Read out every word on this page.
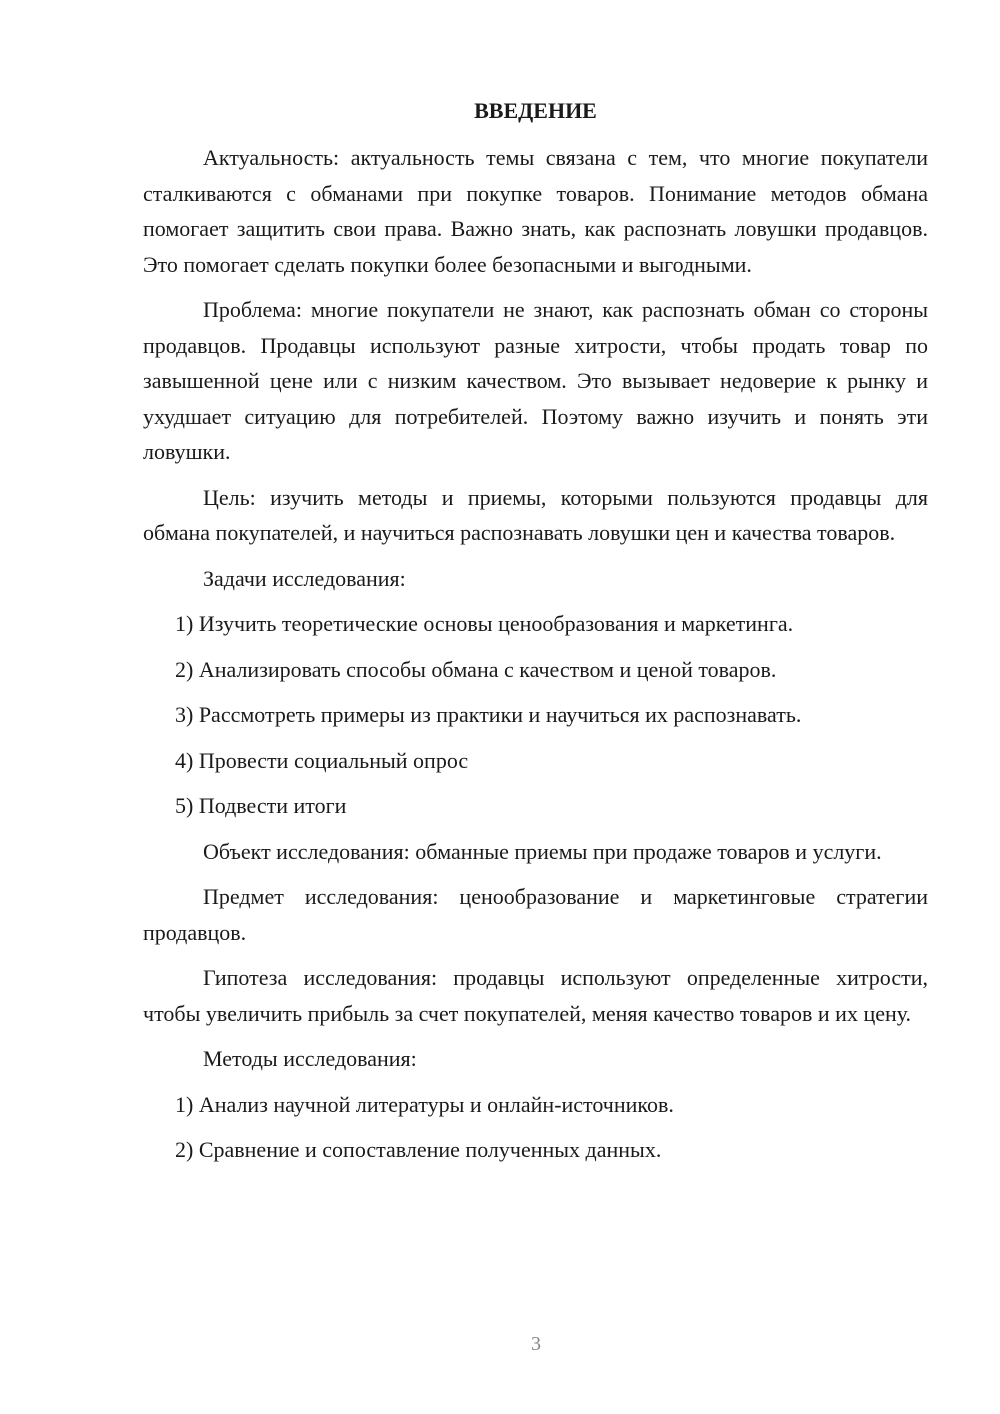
ВВЕДЕНИЕ

Актуальность: актуальность темы связана с тем, что многие покупатели сталкиваются с обманами при покупке товаров. Понимание методов обмана помогает защитить свои права. Важно знать, как распознать ловушки продавцов. Это помогает сделать покупки более безопасными и выгодными.

Проблема: многие покупатели не знают, как распознать обман со стороны продавцов. Продавцы используют разные хитрости, чтобы продать товар по завышенной цене или с низким качеством. Это вызывает недоверие к рынку и ухудшает ситуацию для потребителей. Поэтому важно изучить и понять эти ловушки.

Цель: изучить методы и приемы, которыми пользуются продавцы для обмана покупателей, и научиться распознавать ловушки цен и качества товаров.

Задачи исследования:

1) Изучить теоретические основы ценообразования и маркетинга.

2) Анализировать способы обмана с качеством и ценой товаров.

3) Рассмотреть примеры из практики и научиться их распознавать.

4) Провести социальный опрос

5) Подвести итоги

Объект исследования: обманные приемы при продаже товаров и услуги.

Предмет исследования: ценообразование и маркетинговые стратегии продавцов.

Гипотеза исследования: продавцы используют определенные хитрости, чтобы увеличить прибыль за счет покупателей, меняя качество товаров и их цену.

Методы исследования:

1) Анализ научной литературы и онлайн-источников.

2) Сравнение и сопоставление полученных данных.

3
